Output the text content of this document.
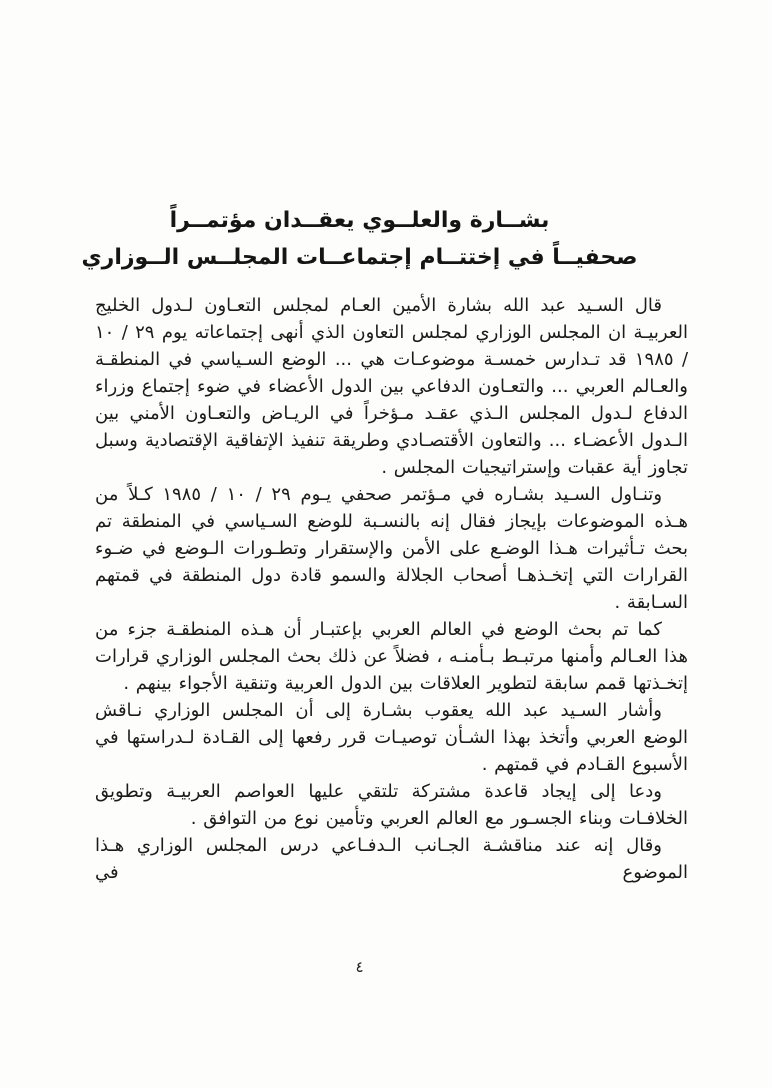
بشــارة والعلــوي يعقــدان مؤتمــراً
صحفيــاً في إختتــام إجتماعــات المجلــس الــوزاري

قال السـيد عبد الله بشارة الأمين العـام لمجلس التعـاون لـدول الخليج العربيـة ان المجلس الوزاري لمجلس التعاون الذي أنهى إجتماعاته يوم ٢٩ / ١٠ / ١٩٨٥ قد تـدارس خمسـة موضوعـات هي ... الوضع السـياسي في المنطقـة والعـالم العربي ... والتعـاون الدفاعي بين الدول الأعضاء في ضوء إجتماع وزراء الدفاع لـدول المجلس الـذي عقـد مـؤخراً في الريـاض والتعـاون الأمني بين الـدول الأعضـاء ... والتعاون الأقتصـادي وطريقة تنفيذ الإتفاقية الإقتصادية وسبل تجاوز أية عقبات وإستراتيجيات المجلس .

وتنـاول السـيد بشـاره في مـؤتمر صحفي يـوم ٢٩ / ١٠ / ١٩٨٥ كـلاً من هـذه الموضوعات بإيجاز فقال إنه بالنسـبة للوضع السـياسي في المنطقة تم بحث تـأثيرات هـذا الوضـع على الأمن والإستقرار وتطـورات الـوضع في ضـوء القرارات التي إتخـذهـا أصحاب الجلالة والسمو قادة دول المنطقة في قمتهم السـابقة .

كما تم بحث الوضع في العالم العربي بإعتبـار أن هـذه المنطقـة جزء من هذا العـالم وأمنها مرتبـط بـأمنـه ، فضلاً عن ذلك بحث المجلس الوزاري قرارات إتخـذتها قمم سابقة لتطوير العلاقات بين الدول العربية وتنقية الأجواء بينهم .

وأشار السـيد عبد الله يعقوب بشـارة إلى أن المجلس الوزاري نـاقش الوضع العربي وأتخذ بهذا الشـأن توصيـات قرر رفعها إلى القـادة لـدراستها في الأسبوع القـادم في قمتهم .

ودعا إلى إيجاد قاعدة مشتركة تلتقي عليها العواصم العربيـة وتطويق الخلافـات وبناء الجسـور مع العالم العربي وتأمين نوع من التوافق .

وقال إنه عند مناقشـة الجـانب الـدفـاعي درس المجلس الوزاري هـذا الموضوع في

٤
